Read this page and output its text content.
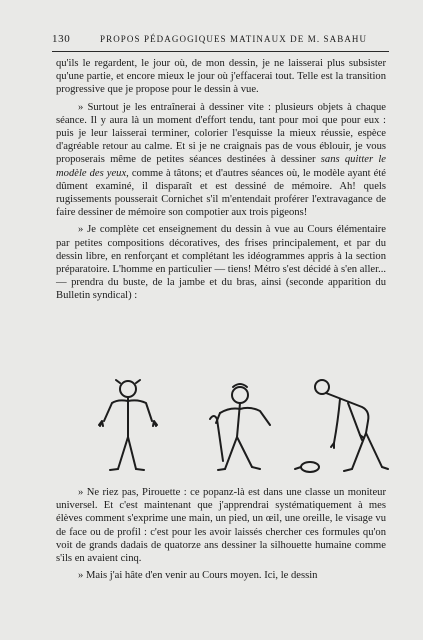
130	PROPOS PÉDAGOGIQUES MATINAUX DE M. SABAHU

qu'ils le regardent, le jour où, de mon dessin, je ne laisserai plus subsister qu'une partie, et encore mieux le jour où j'effacerai tout. Telle est la transition progressive que je propose pour le dessin à vue.

» Surtout je les entraînerai à dessiner vite : plusieurs objets à chaque séance. Il y aura là un moment d'effort tendu, tant pour moi que pour eux : puis je leur laisserai terminer, colorier l'esquisse la mieux réussie, espèce d'agréable retour au calme. Et si je ne craignais pas de vous éblouir, je vous proposerais même de petites séances destinées à dessiner sans quitter le modèle des yeux, comme à tâtons; et d'autres séances où, le modèle ayant été dûment examiné, il disparaît et est dessiné de mémoire. Ah! quels rugissements pousserait Cornichet s'il m'entendait proférer l'extravagance de faire dessiner de mémoire son compotier aux trois pigeons!

» Je complète cet enseignement du dessin à vue au Cours élémentaire par petites compositions décoratives, des frises principalement, et par du dessin libre, en renforçant et complétant les idéogrammes appris à la section préparatoire. L'homme en particulier — tiens! Métro s'est décidé à s'en aller... — prendra du buste, de la jambe et du bras, ainsi (seconde apparition du Bulletin syndical) :

» Ne riez pas, Pirouette : ce popanz-là est dans une classe un moniteur universel. Et c'est maintenant que j'apprendrai systématiquement à mes élèves comment s'exprime une main, un pied, un œil, une oreille, le visage vu de face ou de profil : c'est pour les avoir laissés chercher ces formules qu'on voit de grands dadais de quatorze ans dessiner la silhouette humaine comme s'ils en avaient cinq.

» Mais j'ai hâte d'en venir au Cours moyen. Ici, le dessin
